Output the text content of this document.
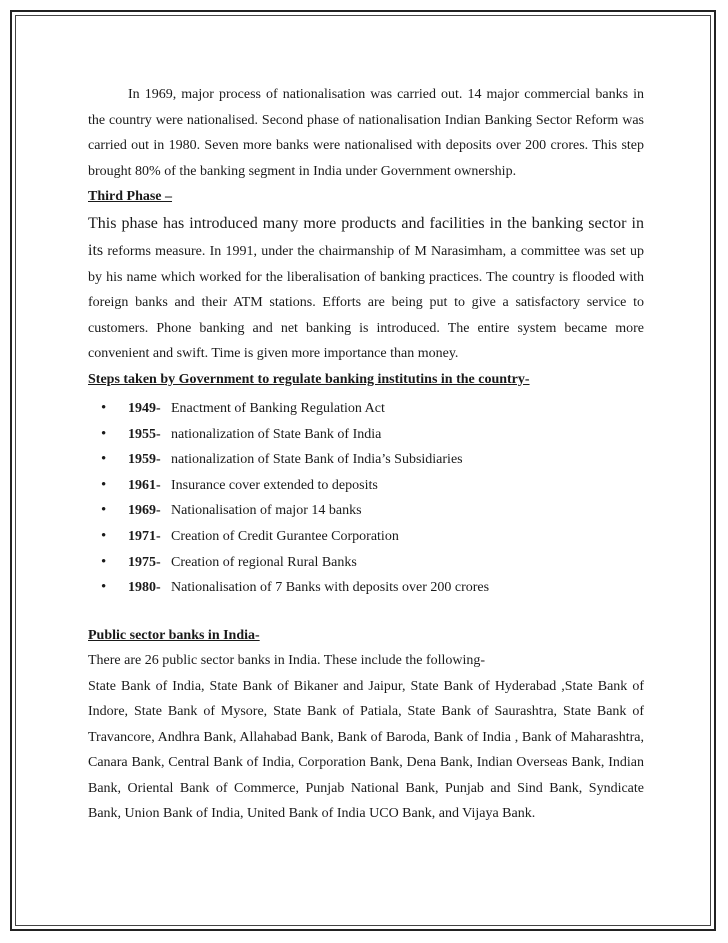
In 1969, major process of nationalisation was carried out. 14 major commercial banks in the country were nationalised. Second phase of nationalisation Indian Banking Sector Reform was carried out in 1980. Seven more banks were nationalised with deposits over 200 crores. This step brought 80% of the banking segment in India under Government ownership.

Third Phase –

This phase has introduced many more products and facilities in the banking sector in its reforms measure. In 1991, under the chairmanship of M Narasimham, a committee was set up by his name which worked for the liberalisation of banking practices. The country is flooded with foreign banks and their ATM stations. Efforts are being put to give a satisfactory service to customers. Phone banking and net banking is introduced. The entire system became more convenient and swift. Time is given more importance than money.

Steps taken by Government to regulate banking institutins in the country-

• 1949- Enactment of Banking Regulation Act
• 1955- nationalization of State Bank of India
• 1959- nationalization of State Bank of India’s Subsidiaries
• 1961- Insurance cover extended to deposits
• 1969- Nationalisation of major 14 banks
• 1971- Creation of Credit Gurantee Corporation
• 1975- Creation of regional Rural Banks
• 1980- Nationalisation of 7 Banks with deposits over 200 crores

Public sector banks in India-

There are 26 public sector banks in India. These include the following-

State Bank of India, State Bank of Bikaner and Jaipur, State Bank of Hyderabad ,State Bank of Indore, State Bank of Mysore, State Bank of Patiala, State Bank of Saurashtra, State Bank of Travancore, Andhra Bank, Allahabad Bank, Bank of Baroda, Bank of India , Bank of Maharashtra, Canara Bank, Central Bank of India, Corporation Bank, Dena Bank, Indian Overseas Bank, Indian Bank, Oriental Bank of Commerce, Punjab National Bank, Punjab and Sind Bank, Syndicate Bank, Union Bank of India, United Bank of India UCO Bank, and Vijaya Bank.
